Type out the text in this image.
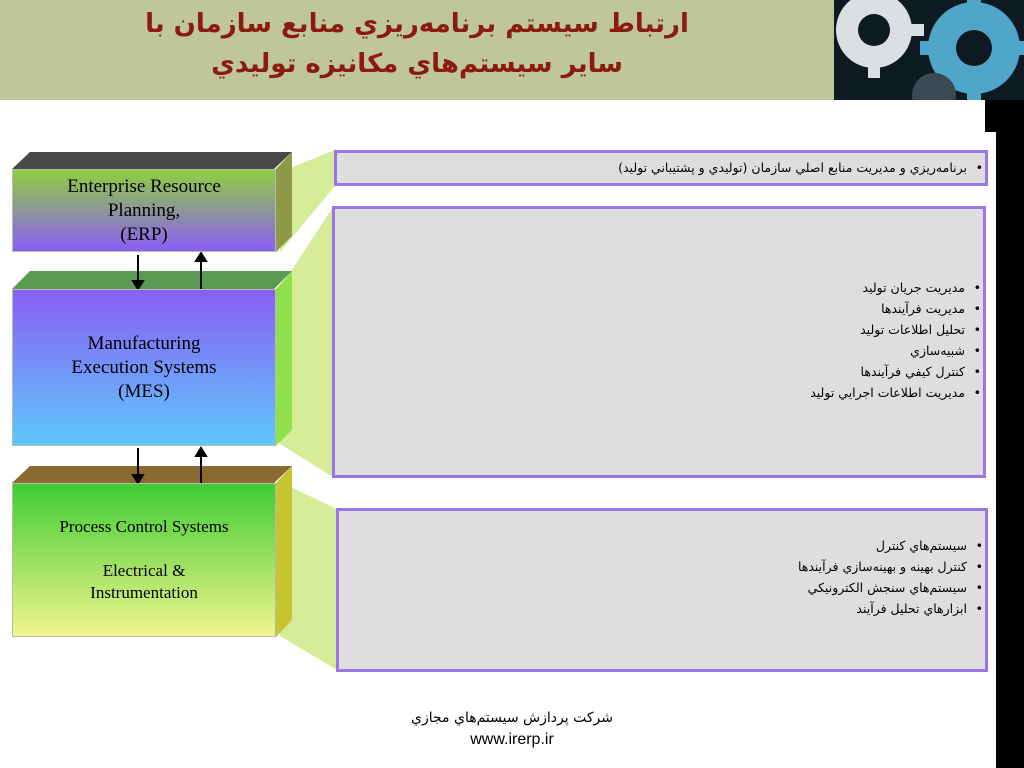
ارتباط سيستم برنامه‌ريزي منابع سازمان با
ساير سيستم‌هاي مكانيزه توليدي
Enterprise Resource
Planning,
(ERP)
Manufacturing
Execution Systems
(MES)
Process Control Systems
Electrical &
Instrumentation
•
برنامه‌ريزي و مديريت منابع اصلي سازمان (توليدي و پشتيباني توليد)
•
مديريت جريان توليد
•
مديريت فرآيندها
•
تحليل اطلاعات توليد
•
شبيه‌سازي
•
كنترل كيفي فرآيندها
•
مديريت اطلاعات اجرايي توليد
•
سيستم‌هاي كنترل
•
كنترل بهينه و بهينه‌سازي فرآيندها
•
سيستم‌هاي سنجش الكترونيكي
•
ابزارهاي تحليل فرآيند
شركت پردازش سيستم‌هاي مجازي
www.irerp.ir
